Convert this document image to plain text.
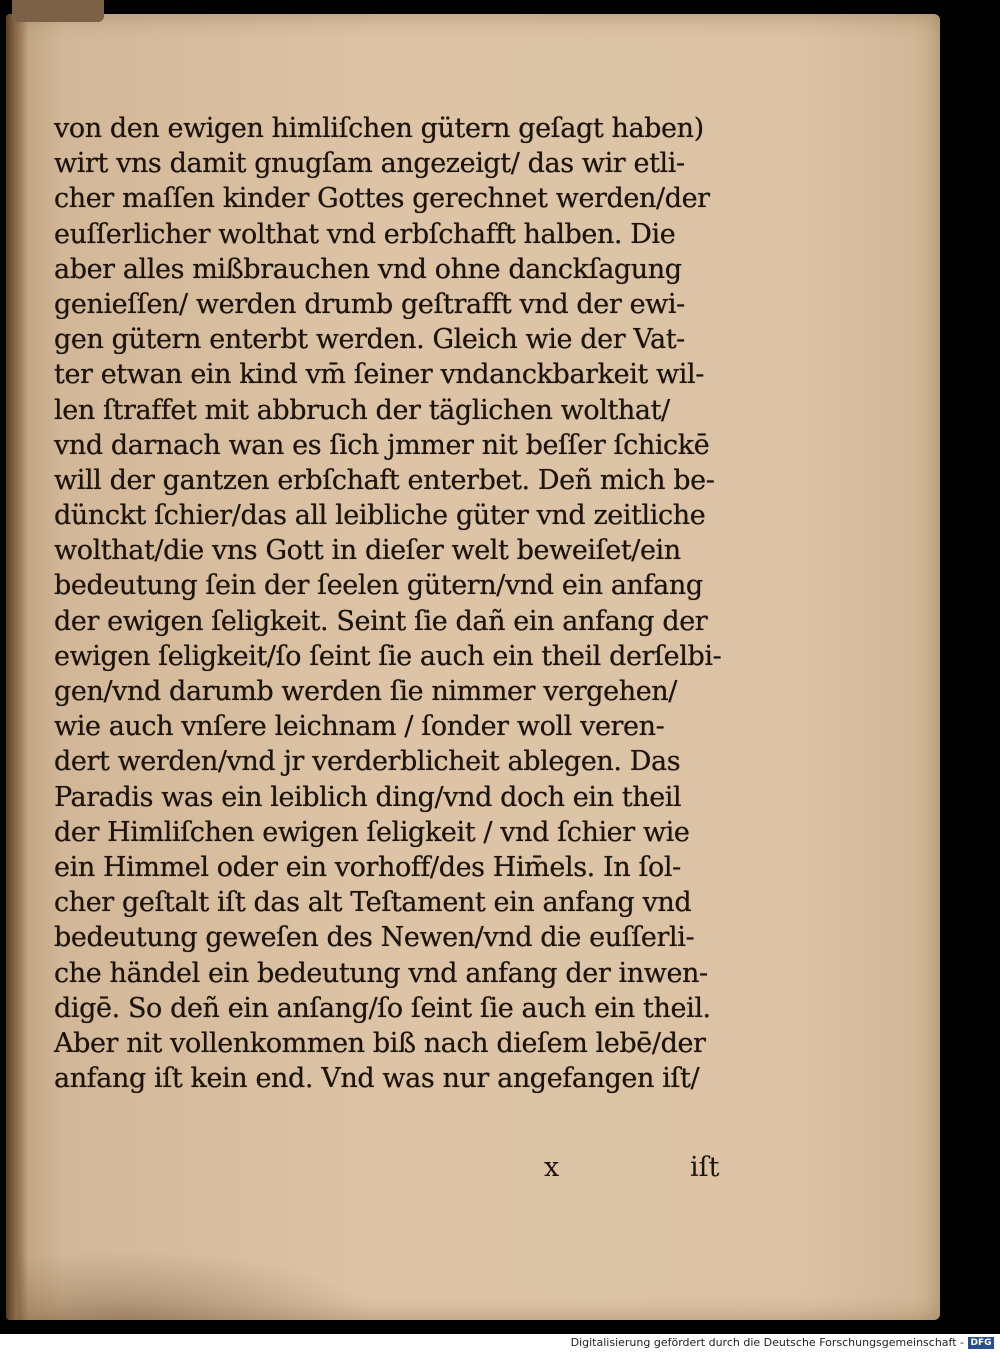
von den ewigen himliſchen gütern geſagt haben)
wirt vns damit gnugſam angezeigt/ das wir etli-
cher maſſen kinder Gottes gerechnet werden/der
euſſerlicher wolthat vnd erbſchafft halben. Die
aber alles mißbrauchen vnd ohne danckſagung
genieſſen/ werden drumb geſtrafft vnd der ewi-
gen gütern enterbt werden. Gleich wie der Vat-
ter etwan ein kind vm̄ ſeiner vndanckbarkeit wil-
len ſtraffet mit abbruch der täglichen wolthat/
vnd darnach wan es ſich jmmer nit beſſer ſchickē
will der gantzen erbſchaft enterbet. Deñ mich be-
dünckt ſchier/das all leibliche güter vnd zeitliche
wolthat/die vns Gott in dieſer welt beweiſet/ein
bedeutung ſein der ſeelen gütern/vnd ein anfang
der ewigen ſeligkeit. Seint ſie dañ ein anfang der
ewigen ſeligkeit/ſo ſeint ſie auch ein theil derſelbi-
gen/vnd darumb werden ſie nimmer vergehen/
wie auch vnſere leichnam / ſonder woll veren-
dert werden/vnd jr verderblicheit ablegen. Das
Paradis was ein leiblich ding/vnd doch ein theil
der Himliſchen ewigen ſeligkeit / vnd ſchier wie
ein Himmel oder ein vorhoff/des Him̄els. In ſol-
cher geſtalt iſt das alt Teſtament ein anfang vnd
bedeutung geweſen des Newen/vnd die euſſerli-
che händel ein bedeutung vnd anfang der inwen-
digē. So deñ ein anſang/ſo ſeint ſie auch ein theil.
Aber nit vollenkommen biß nach dieſem lebē/der
anfang iſt kein end. Vnd was nur angefangen iſt/
x	iſt
Digitalisierung gefördert durch die Deutsche Forschungsgemeinschaft - DFG
